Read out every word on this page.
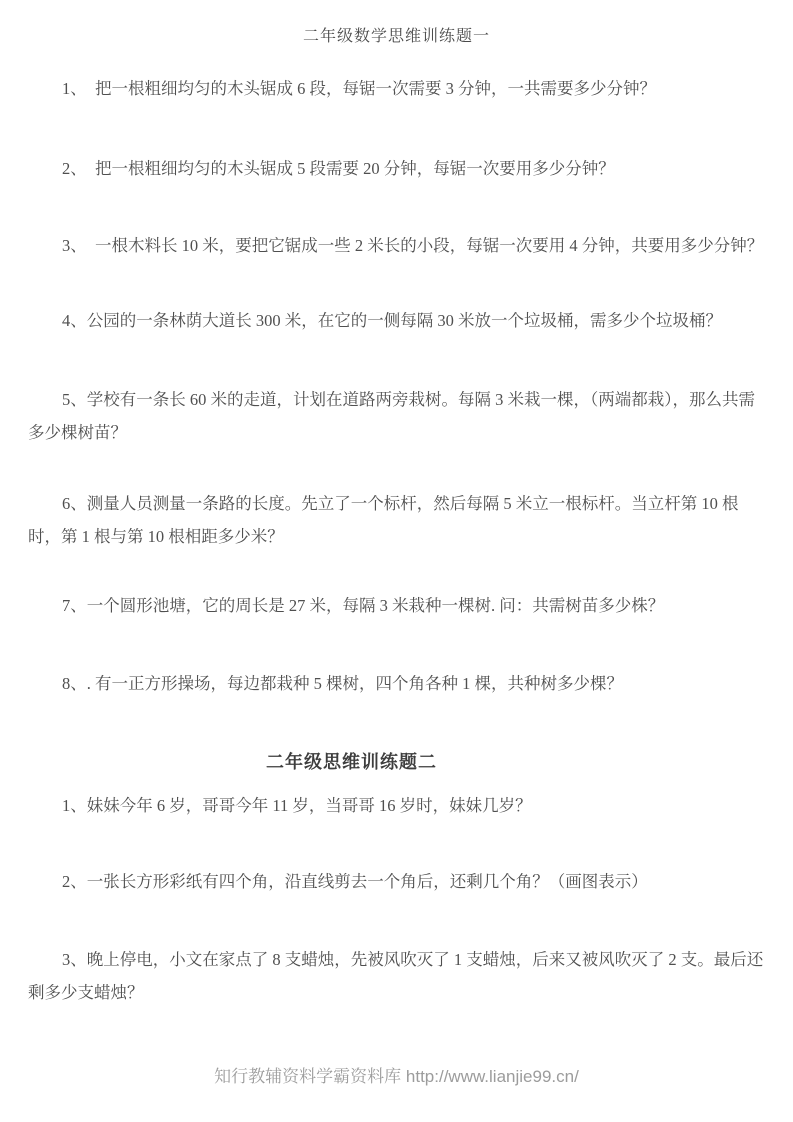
二年级数学思维训练题一

1、　把一根粗细均匀的木头锯成 6 段，每锯一次需要 3 分钟，一共需要多少分钟？

2、　把一根粗细均匀的木头锯成 5 段需要 20 分钟，每锯一次要用多少分钟？

3、　一根木料长 10 米，要把它锯成一些 2 米长的小段，每锯一次要用 4 分钟，共要用多少分钟？

4、公园的一条林荫大道长 300 米，在它的一侧每隔 30 米放一个垃圾桶，需多少个垃圾桶？

5、学校有一条长 60 米的走道，计划在道路两旁栽树。每隔 3 米栽一棵，（两端都栽），那么共需多少棵树苗？

6、测量人员测量一条路的长度。先立了一个标杆，然后每隔 5 米立一根标杆。当立杆第 10 根时，第 1 根与第 10 根相距多少米？

7、一个圆形池塘，它的周长是 27 米，每隔 3 米栽种一棵树. 问：共需树苗多少株？

8、. 有一正方形操场，每边都栽种 5 棵树，四个角各种 1 棵，共种树多少棵？

二年级思维训练题二

1、妹妹今年 6 岁，哥哥今年 11 岁，当哥哥 16 岁时，妹妹几岁？

2、一张长方形彩纸有四个角，沿直线剪去一个角后，还剩几个角？（画图表示）

3、晚上停电，小文在家点了 8 支蜡烛，先被风吹灭了 1 支蜡烛，后来又被风吹灭了 2 支。最后还剩多少支蜡烛？

知行教辅资料学霸资料库 http://www.lianjie99.cn/
